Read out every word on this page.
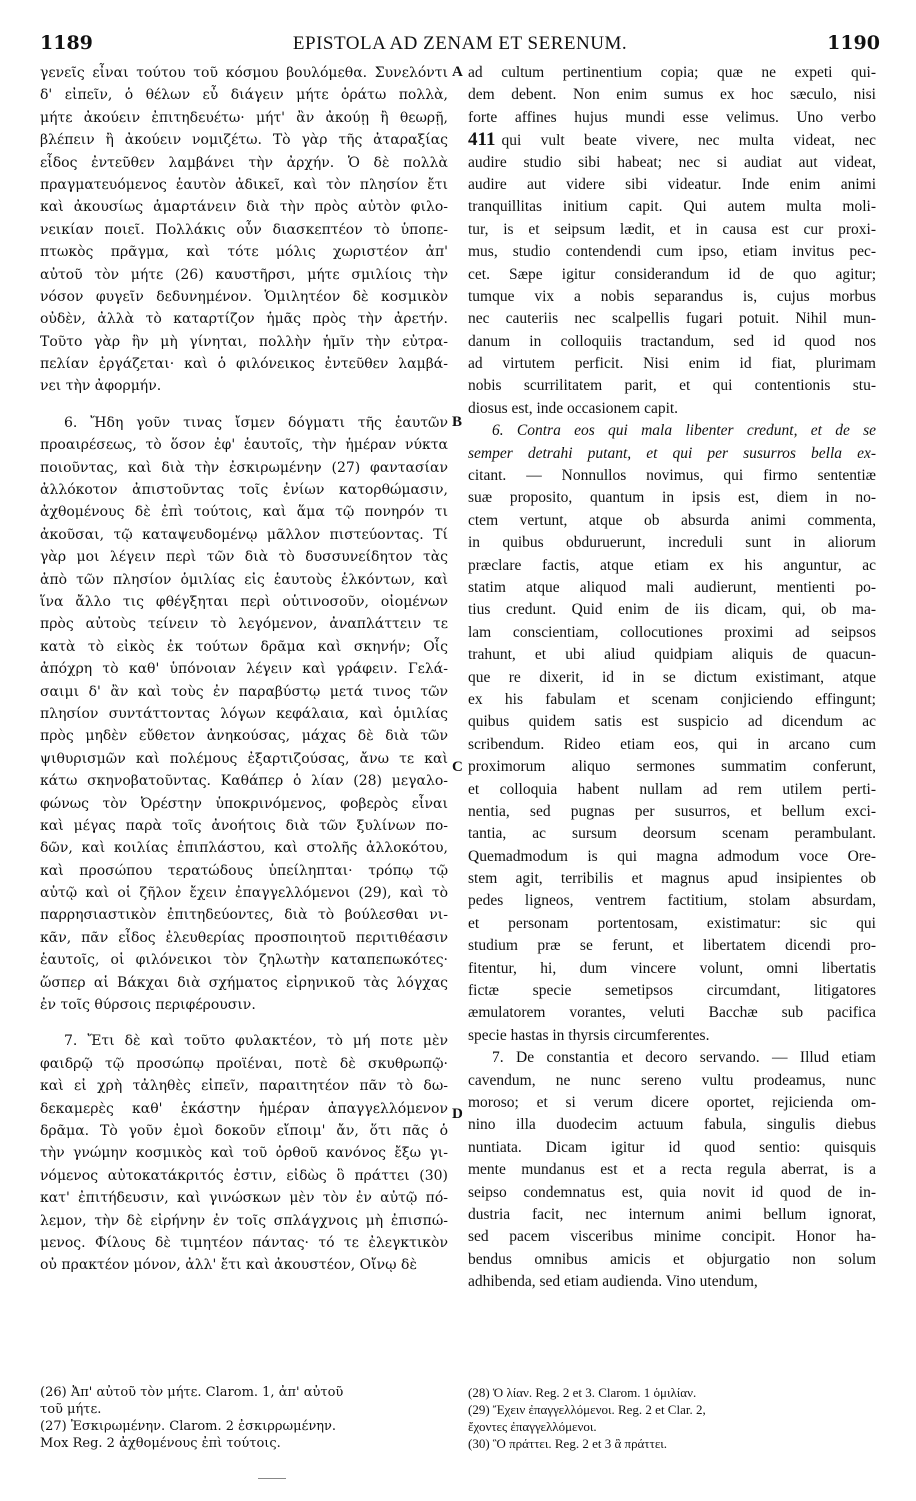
1189	EPISTOLA AD ZENAM ET SERENUM.	1190
γενεῖς εἶναι τούτου τοῦ κόσμου βουλόμεθα. Συνελόντι
δ' εἰπεῖν, ὁ θέλων εὖ διάγειν μήτε ὁράτω πολλὰ,
μήτε ἀκούειν ἐπιτηδευέτω· μήτ' ἂν ἀκούῃ ἢ θεωρῇ,
βλέπειν ἢ ἀκούειν νομιζέτω. Τὸ γὰρ τῆς ἀταραξίας
εἶδος ἐντεῦθεν λαμβάνει τὴν ἀρχήν. Ὁ δὲ πολλὰ
πραγματευόμενος ἑαυτὸν ἀδικεῖ, καὶ τὸν πλησίον ἔτι
καὶ ἀκουσίως ἁμαρτάνειν διὰ τὴν πρὸς αὐτὸν φιλο-
νεικίαν ποιεῖ. Πολλάκις οὖν διασκεπτέον τὸ ὑποπε-
πτωκὸς πρᾶγμα, καὶ τότε μόλις χωριστέον ἀπ'
αὐτοῦ τὸν μήτε (26) καυστῆρσι, μήτε σμιλίοις τὴν
νόσον φυγεῖν δεδυνημένον. Ὁμιλητέον δὲ κοσμικὸν
οὐδὲν, ἀλλὰ τὸ καταρτίζον ἡμᾶς πρὸς τὴν ἀρετήν.
Τοῦτο γὰρ ἣν μὴ γίνηται, πολλὴν ἡμῖν τὴν εὐτρα-
πελίαν ἐργάζεται· καὶ ὁ φιλόνεικος ἐντεῦθεν λαμβά-
νει τὴν ἀφορμήν.
6. Ἤδη γοῦν τινας ἴσμεν δόγματι τῆς ἑαυτῶν
προαιρέσεως, τὸ ὅσον ἐφ' ἑαυτοῖς, τὴν ἡμέραν νύκτα
ποιοῦντας, καὶ διὰ τὴν ἐσκιρωμένην (27) φαντασίαν
ἀλλόκοτον ἀπιστοῦντας τοῖς ἐνίων κατορθώμασιν,
ἀχθομένους δὲ ἐπὶ τούτοις, καὶ ἅμα τῷ πονηρόν τι
ἀκοῦσαι, τῷ καταψευδομένῳ μᾶλλον πιστεύοντας. Τί
γὰρ μοι λέγειν περὶ τῶν διὰ τὸ δυσσυνείδητον τὰς
ἀπὸ τῶν πλησίον ὁμιλίας εἰς ἑαυτοὺς ἑλκόντων, καὶ
ἵνα ἄλλο τις φθέγξηται περὶ οὑτινοσοῦν, οἰομένων
πρὸς αὐτοὺς τείνειν τὸ λεγόμενον, ἀναπλάττειν τε
κατὰ τὸ εἰκὸς ἐκ τούτων δρᾶμα καὶ σκηνήν; Οἷς
ἀπόχρη τὸ καθ' ὑπόνοιαν λέγειν καὶ γράφειν. Γελά-
σαιμι δ' ἂν καὶ τοὺς ἐν παραβύστῳ μετά τινος τῶν
πλησίον συντάττοντας λόγων κεφάλαια, καὶ ὁμιλίας
πρὸς μηδὲν εὔθετον ἀνηκούσας, μάχας δὲ διὰ τῶν
ψιθυρισμῶν καὶ πολέμους ἐξαρτιζούσας, ἄνω τε καὶ
κάτω σκηνοβατοῦντας. Καθάπερ ὁ λίαν (28) μεγαλο-
φώνως τὸν Ὀρέστην ὑποκρινόμενος, φοβερὸς εἶναι
καὶ μέγας παρὰ τοῖς ἀνοήτοις διὰ τῶν ξυλίνων πο-
δῶν, καὶ κοιλίας ἐπιπλάστου, καὶ στολῆς ἀλλοκότου,
καὶ προσώπου τερατώδους ὑπείληπται· τρόπῳ τῷ
αὐτῷ καὶ οἱ ζῆλον ἔχειν ἐπαγγελλόμενοι (29), καὶ τὸ
παρρησιαστικὸν ἐπιτηδεύοντες, διὰ τὸ βούλεσθαι νι-
κᾶν, πᾶν εἶδος ἐλευθερίας προσποιητοῦ περιτιθέασιν
ἑαυτοῖς, οἱ φιλόνεικοι τὸν ζηλωτὴν καταπεπωκότες·
ὥσπερ αἱ Βάκχαι διὰ σχήματος εἰρηνικοῦ τὰς λόγχας
ἐν τοῖς θύρσοις περιφέρουσιν.
7. Ἔτι δὲ καὶ τοῦτο φυλακτέον, τὸ μή ποτε μὲν
φαιδρῷ τῷ προσώπῳ προϊέναι, ποτὲ δὲ σκυθρωπῷ·
καὶ εἰ χρὴ τἀληθὲς εἰπεῖν, παραιτητέον πᾶν τὸ δω-
δεκαμερὲς καθ' ἑκάστην ἡμέραν ἀπαγγελλόμενον
δρᾶμα. Τὸ γοῦν ἐμοὶ δοκοῦν εἴποιμ' ἄν, ὅτι πᾶς ὁ
τὴν γνώμην κοσμικὸς καὶ τοῦ ὀρθοῦ κανόνος ἔξω γι-
νόμενος αὐτοκατάκριτός ἐστιν, εἰδὼς ὃ πράττει (30)
κατ' ἐπιτήδευσιν, καὶ γινώσκων μὲν τὸν ἐν αὐτῷ πό-
λεμον, τὴν δὲ εἰρήνην ἐν τοῖς σπλάγχνοις μὴ ἐπισπώ-
μενος. Φίλους δὲ τιμητέον πάντας· τό τε ἐλεγκτικὸν
οὐ πρακτέον μόνον, ἀλλ' ἔτι καὶ ἀκουστέον, Οἴνῳ δὲ
ad cultum pertinentium copia; quæ ne expeti qui-
dem debent. Non enim sumus ex hoc sæculo, nisi
forte affines hujus mundi esse velimus. Uno verbo
411 qui vult beate vivere, nec multa videat, nec
audire studio sibi habeat; nec si audiat aut videat,
audire aut videre sibi videatur. Inde enim animi
tranquillitas initium capit. Qui autem multa moli-
tur, is et seipsum lædit, et in causa est cur proxi-
mus, studio contendendi cum ipso, etiam invitus pec-
cet. Sæpe igitur considerandum id de quo agitur;
tumque vix a nobis separandus is, cujus morbus
nec cauteriis nec scalpellis fugari potuit. Nihil mun-
danum in colloquiis tractandum, sed id quod nos
ad virtutem perficit. Nisi enim id fiat, plurimam
nobis scurrilitatem parit, et qui contentionis stu-
diosus est, inde occasionem capit.
6. Contra eos qui mala libenter credunt, et de se
semper detrahi putant, et qui per susurros bella ex-
citant. — Nonnullos novimus, qui firmo sententiæ
suæ proposito, quantum in ipsis est, diem in no-
ctem vertunt, atque ob absurda animi commenta,
in quibus obduruerunt, increduli sunt in aliorum
præclare factis, atque etiam ex his anguntur, ac
statim atque aliquod mali audierunt, mentienti po-
tius credunt. Quid enim de iis dicam, qui, ob ma-
lam conscientiam, collocutiones proximi ad seipsos
trahunt, et ubi aliud quidpiam aliquis de quacun-
que re dixerit, id in se dictum existimant, atque
ex his fabulam et scenam conjiciendo effingunt;
quibus quidem satis est suspicio ad dicendum ac
scribendum. Rideo etiam eos, qui in arcano cum
proximorum aliquo sermones summatim conferunt,
et colloquia habent nullam ad rem utilem perti-
nentia, sed pugnas per susurros, et bellum exci-
tantia, ac sursum deorsum scenam perambulant.
Quemadmodum is qui magna admodum voce Ore-
stem agit, terribilis et magnus apud insipientes ob
pedes ligneos, ventrem factitium, stolam absurdam,
et personam portentosam, existimatur: sic qui
studium præ se ferunt, et libertatem dicendi pro-
fitentur, hi, dum vincere volunt, omni libertatis
fictæ specie semetipsos circumdant, litigatores
æmulatorem vorantes, veluti Bacchæ sub pacifica
specie hastas in thyrsis circumferentes.
7. De constantia et decoro servando. — Illud etiam
cavendum, ne nunc sereno vultu prodeamus, nunc
moroso; et si verum dicere oportet, rejicienda om-
nino illa duodecim actuum fabula, singulis diebus
nuntiata. Dicam igitur id quod sentio: quisquis
mente mundanus est et a recta regula aberrat, is a
seipso condemnatus est, quia novit id quod de in-
dustria facit, nec internum animi bellum ignorat,
sed pacem visceribus minime concipit. Honor ha-
bendus omnibus amicis et objurgatio non solum
adhibenda, sed etiam audienda. Vino utendum,
A
B
C
D
(26) Ἀπ' αὐτοῦ τὸν μήτε. Clarom. 1, ἀπ' αὐτοῦ
τοῦ μήτε.
(27) Ἐσκιρωμένην. Clarom. 2 ἐσκιρρωμένην.
Mox Reg. 2 ἀχθομένους ἐπὶ τούτοις.
(28) Ὁ λίαν. Reg. 2 et 3. Clarom. 1 ὁμιλίαν.
(29) Ἔχειν ἐπαγγελλόμενοι. Reg. 2 et Clar. 2,
ἔχοντες ἐπαγγελλόμενοι.
(30) Ὃ πράττει. Reg. 2 et 3 ἃ πράττει.
